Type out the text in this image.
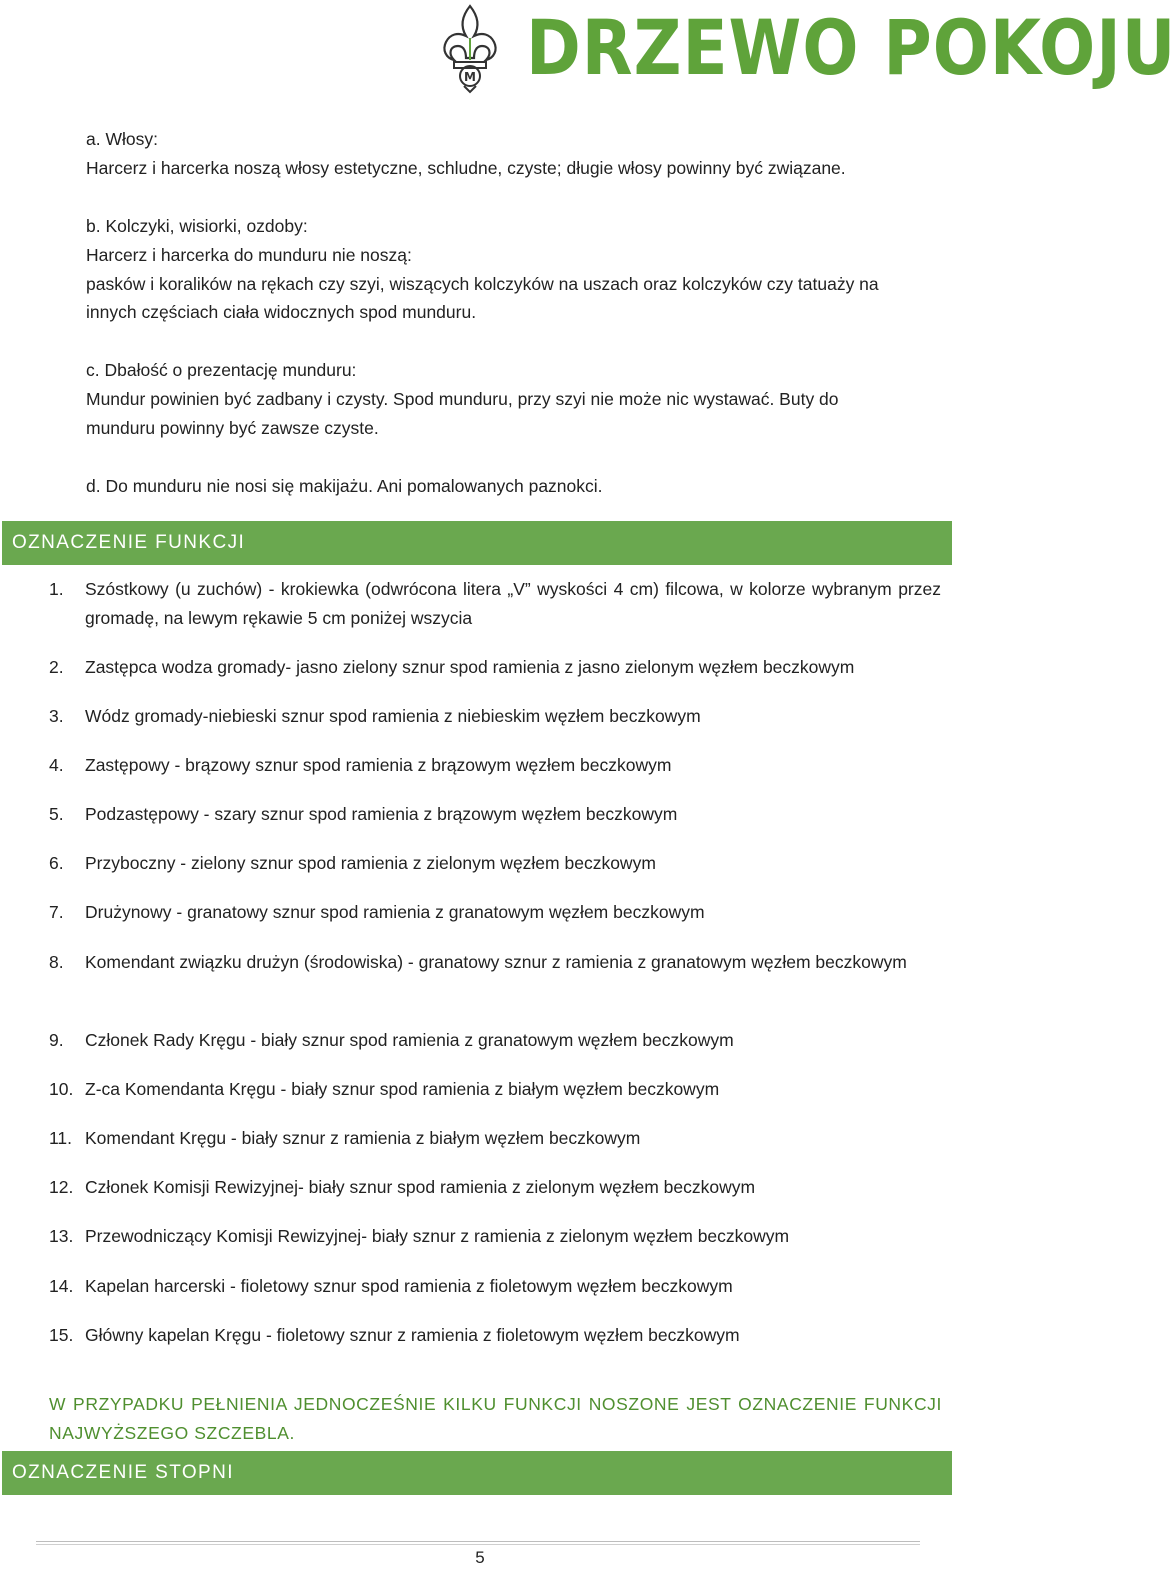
M DRZEWO POKOJU

a. Włosy:

Harcerz i harcerka noszą włosy estetyczne, schludne, czyste; długie włosy powinny być związane.

b. Kolczyki, wisiorki, ozdoby:

Harcerz i harcerka do munduru nie noszą:

pasków i koralików na rękach czy szyi, wiszących kolczyków na uszach oraz kolczyków czy tatuaży na

innych częściach ciała widocznych spod munduru.

c. Dbałość o prezentację munduru:

Mundur powinien być zadbany i czysty. Spod munduru, przy szyi nie może nic wystawać. Buty do

munduru powinny być zawsze czyste.

d. Do munduru nie nosi się makijażu. Ani pomalowanych paznokci.

OZNACZENIE FUNKCJI
1. Szóstkowy (u zuchów) - krokiewka (odwrócona litera „V” wyskości 4 cm) filcowa, w kolorze wybranym przez gromadę, na lewym rękawie 5 cm poniżej wszycia
2. Zastępca wodza gromady- jasno zielony sznur spod ramienia z jasno zielonym węzłem beczkowym
3. Wódz gromady-niebieski sznur spod ramienia z niebieskim węzłem beczkowym
4. Zastępowy - brązowy sznur spod ramienia z brązowym węzłem beczkowym
5. Podzastępowy - szary sznur spod ramienia z brązowym węzłem beczkowym
6. Przyboczny - zielony sznur spod ramienia z zielonym węzłem beczkowym
7. Drużynowy - granatowy sznur spod ramienia z granatowym węzłem beczkowym
8. Komendant związku drużyn (środowiska) - granatowy sznur z ramienia z granatowym węzłem beczkowym
9. Członek Rady Kręgu - biały sznur spod ramienia z granatowym węzłem beczkowym
10. Z-ca Komendanta Kręgu - biały sznur spod ramienia z białym węzłem beczkowym
11. Komendant Kręgu - biały sznur z ramienia z białym węzłem beczkowym
12. Członek Komisji Rewizyjnej- biały sznur spod ramienia z zielonym węzłem beczkowym
13. Przewodniczący Komisji Rewizyjnej- biały sznur z ramienia z zielonym węzłem beczkowym
14. Kapelan harcerski - fioletowy sznur spod ramienia z fioletowym węzłem beczkowym
15. Główny kapelan Kręgu - fioletowy sznur z ramienia z fioletowym węzłem beczkowym

W PRZYPADKU PEŁNIENIA JEDNOCZEŚNIE KILKU FUNKCJI NOSZONE JEST OZNACZENIE FUNKCJI NAJWYŻSZEGO SZCZEBLA.

OZNACZENIE STOPNI
5
